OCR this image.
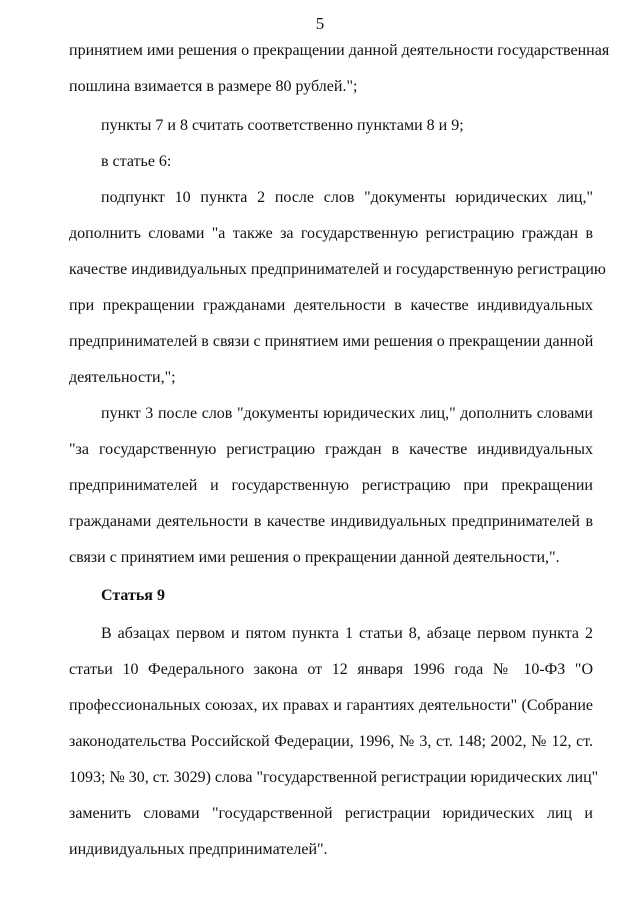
5
принятием ими решения о прекращении данной деятельности государственная
пошлина взимается в размере 80 рублей.";
пункты 7 и 8 считать соответственно пунктами 8 и 9;
в статье 6:
подпункт 10 пункта 2 после слов "документы юридических лиц,"
дополнить словами "а также за государственную регистрацию граждан в
качестве индивидуальных предпринимателей и государственную регистрацию
при прекращении гражданами деятельности в качестве индивидуальных
предпринимателей в связи с принятием ими решения о прекращении данной
деятельности,";
пункт 3 после слов "документы юридических лиц," дополнить словами
"за государственную регистрацию граждан в качестве индивидуальных
предпринимателей и государственную регистрацию при прекращении
гражданами деятельности в качестве индивидуальных предпринимателей в
связи с принятием ими решения о прекращении данной деятельности,".
Статья 9
В абзацах первом и пятом пункта 1 статьи 8, абзаце первом пункта 2
статьи 10 Федерального закона от 12 января 1996 года № 10-ФЗ "О
профессиональных союзах, их правах и гарантиях деятельности" (Собрание
законодательства Российской Федерации, 1996, № 3, ст. 148; 2002, № 12, ст.
1093; № 30, ст. 3029) слова "государственной регистрации юридических лиц"
заменить словами "государственной регистрации юридических лиц и
индивидуальных предпринимателей".
